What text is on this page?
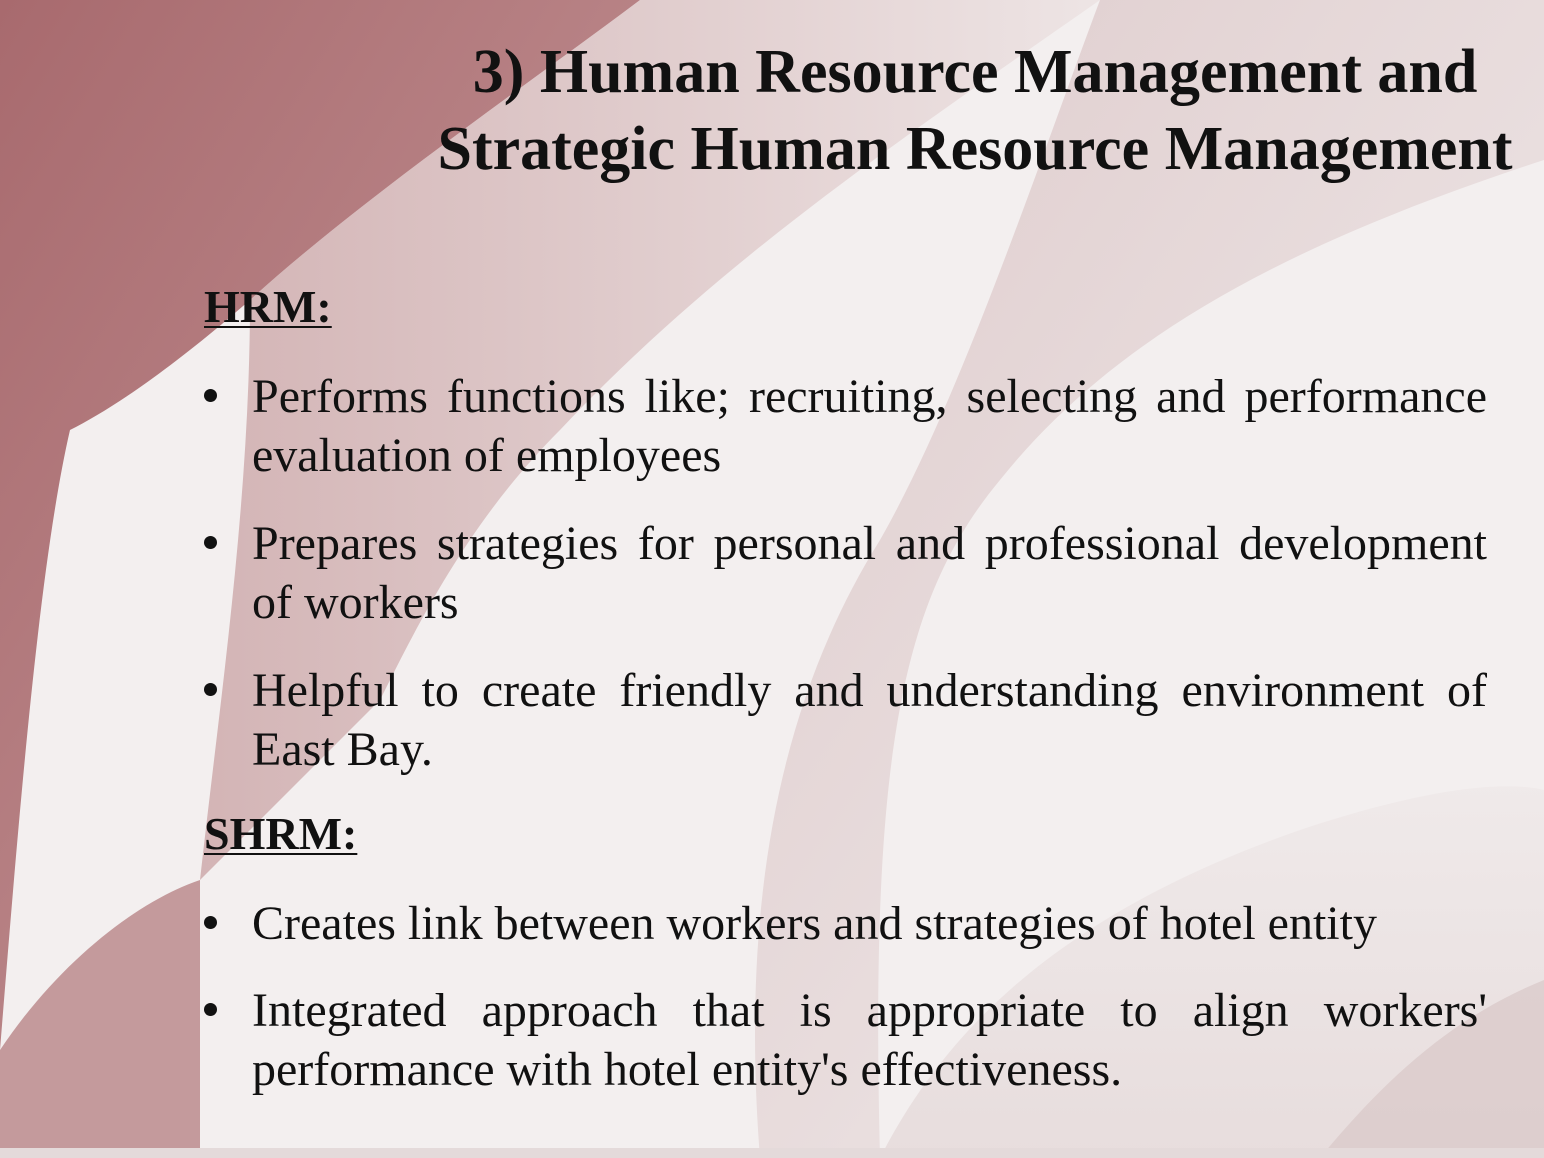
3) Human Resource Management and Strategic Human Resource Management

HRM:

Performs functions like; recruiting, selecting and performance evaluation of employees
Prepares strategies for personal and professional development of workers
Helpful to create friendly and understanding environment of East Bay.

SHRM:

Creates link between workers and strategies of hotel entity
Integrated approach that is appropriate to align workers' performance with hotel entity's effectiveness.
